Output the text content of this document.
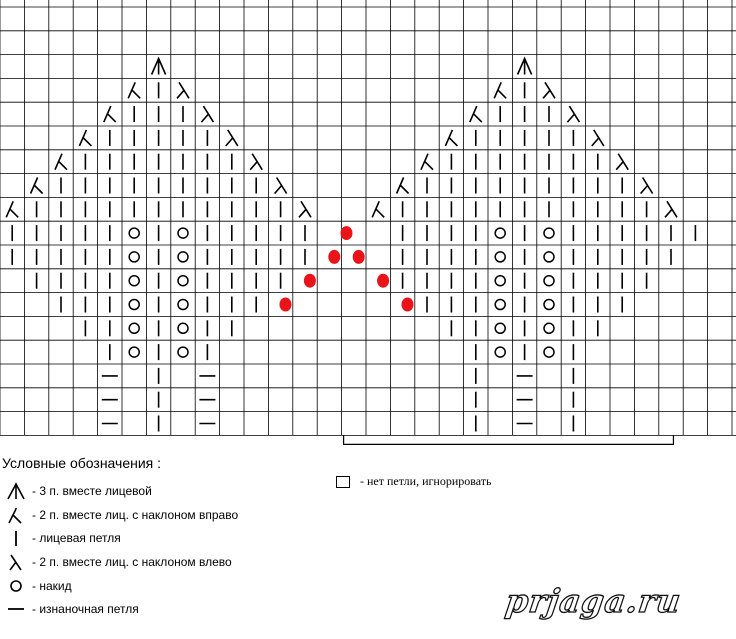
Условные обозначения :
- 3 п. вместе лицевой
- 2 п. вместе лиц. с наклоном вправо
- лицевая петля
- 2 п. вместе лиц. с наклоном влево
- накид
- изнаночная петля
- нет петли, игнорировать
prjaga.ru
